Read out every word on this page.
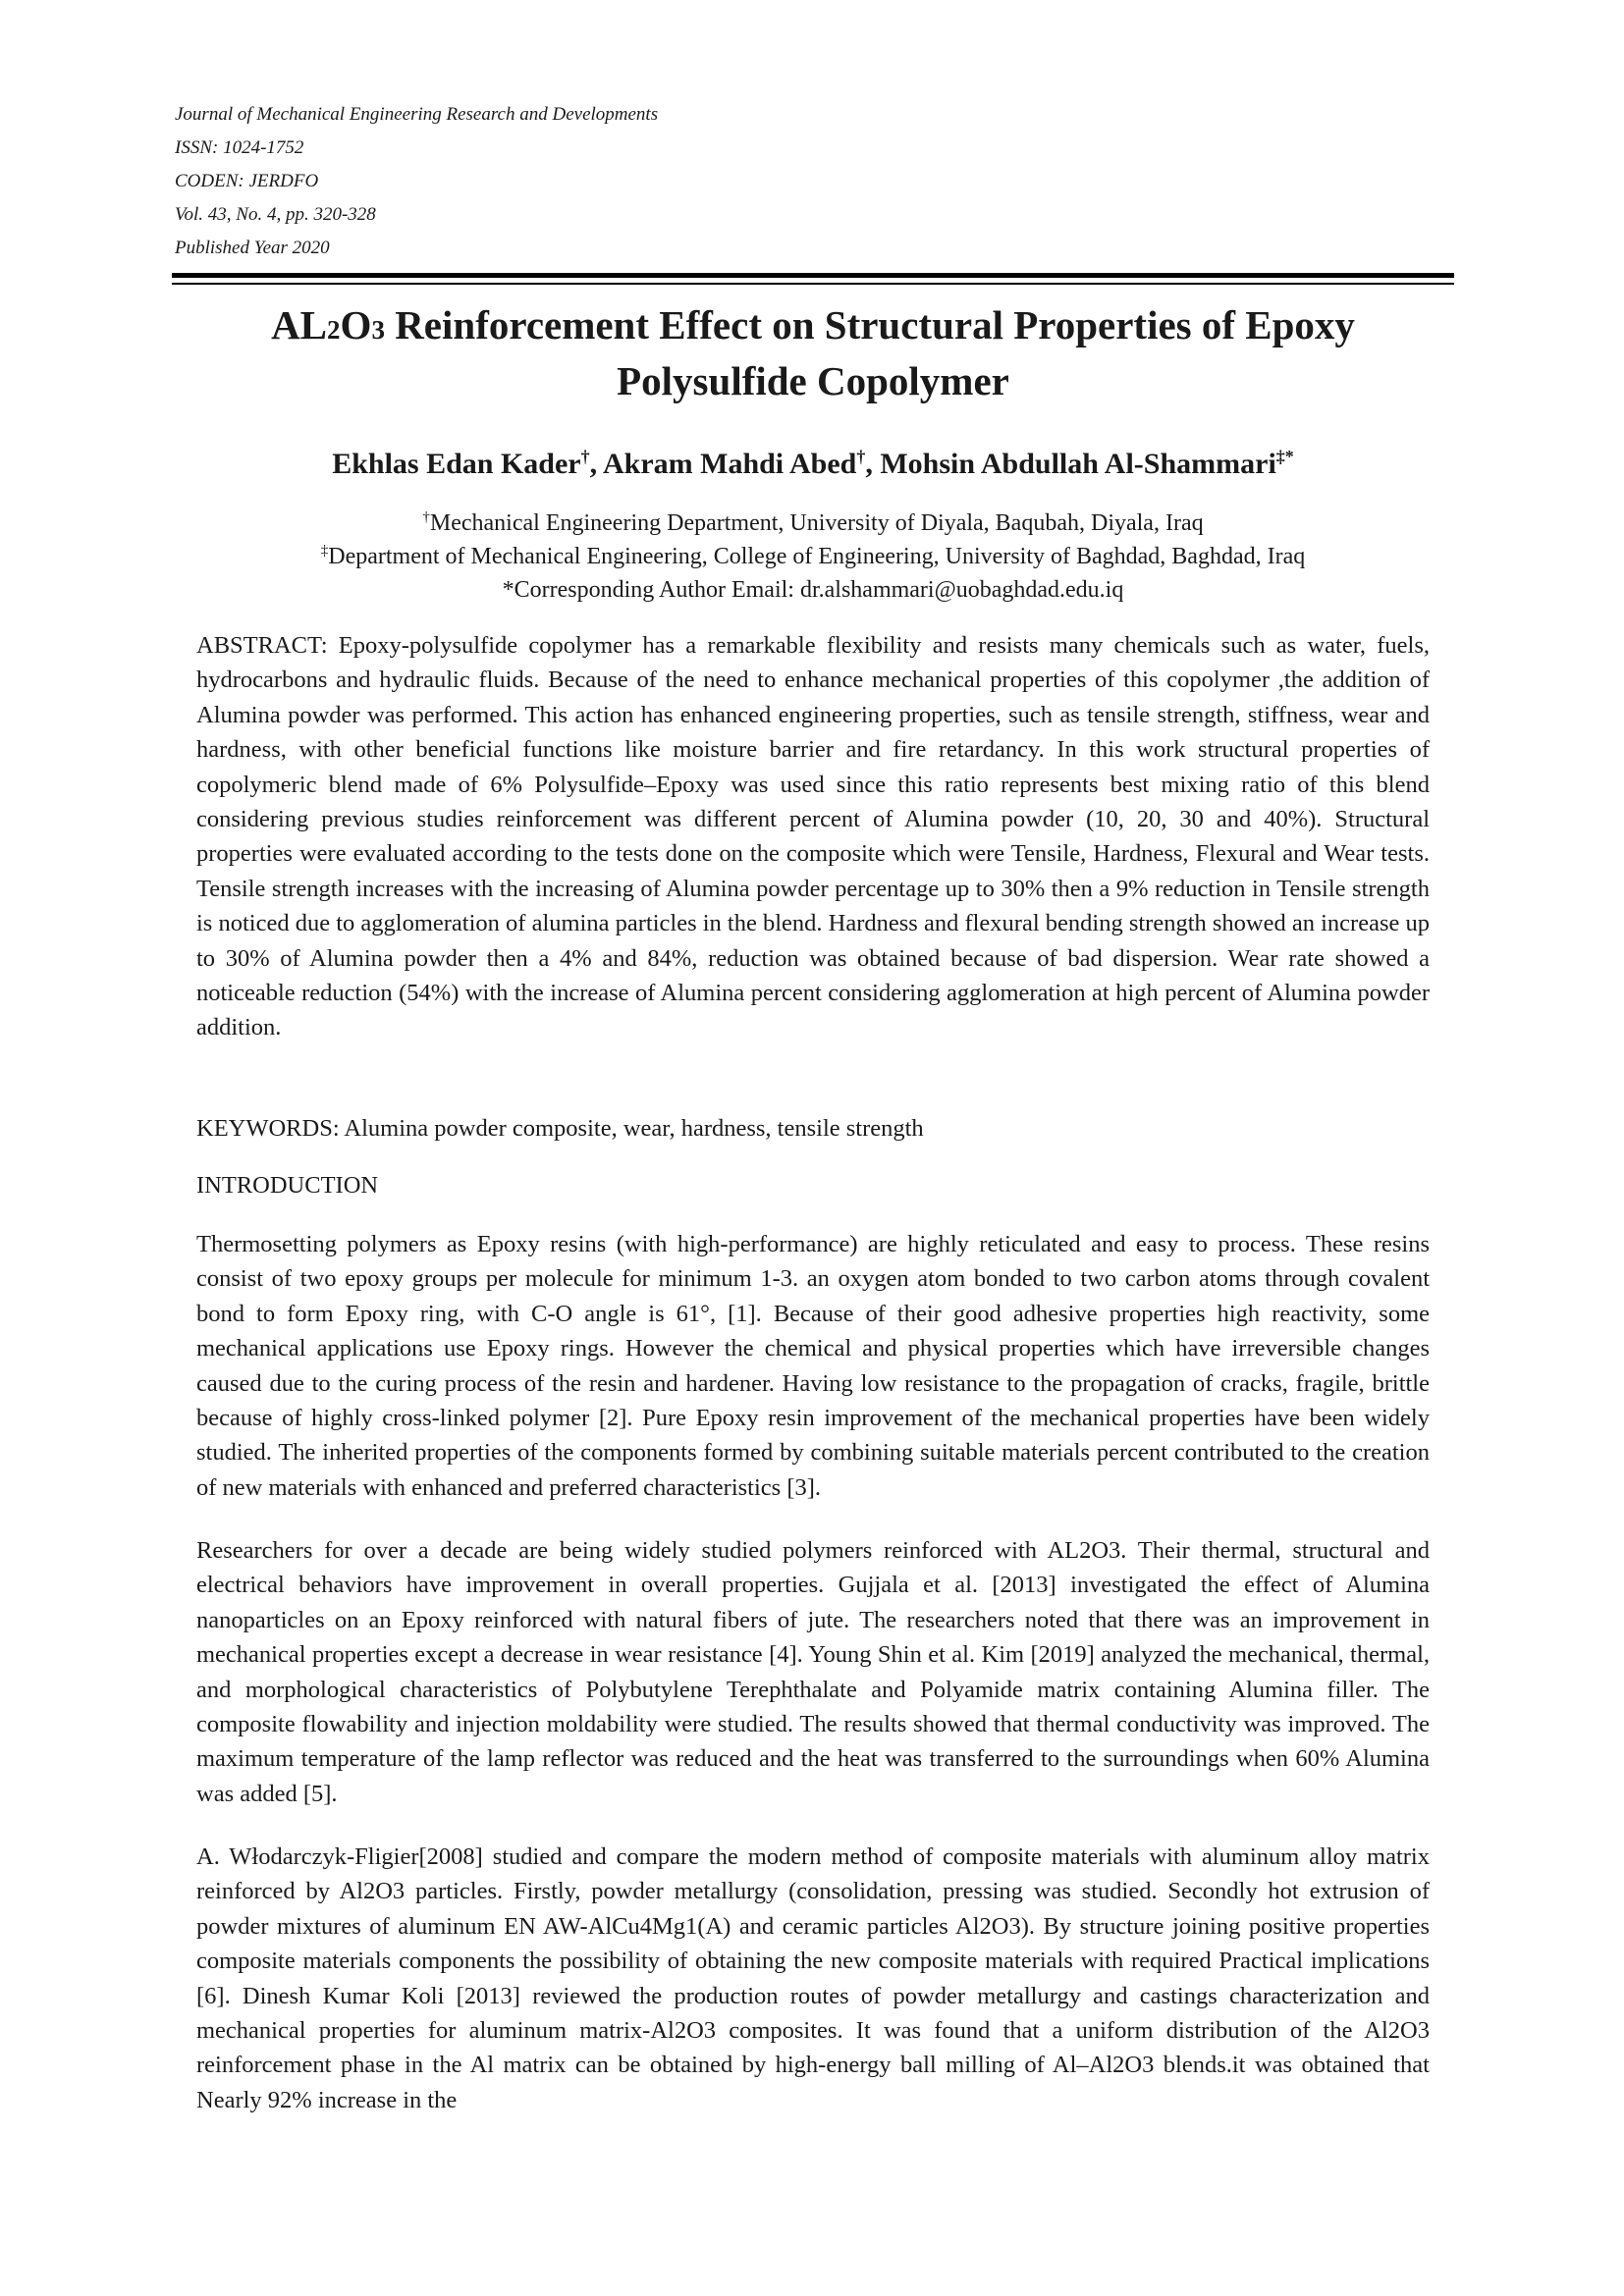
Journal of Mechanical Engineering Research and Developments
ISSN: 1024-1752
CODEN: JERDFO
Vol. 43, No. 4, pp. 320-328
Published Year 2020
AL2O3 Reinforcement Effect on Structural Properties of Epoxy Polysulfide Copolymer
Ekhlas Edan Kader†, Akram Mahdi Abed†, Mohsin Abdullah Al-Shammari‡*
†Mechanical Engineering Department, University of Diyala, Baqubah, Diyala, Iraq
‡Department of Mechanical Engineering, College of Engineering, University of Baghdad, Baghdad, Iraq
*Corresponding Author Email: dr.alshammari@uobaghdad.edu.iq
ABSTRACT: Epoxy-polysulfide copolymer has a remarkable flexibility and resists many chemicals such as water, fuels, hydrocarbons and hydraulic fluids. Because of the need to enhance mechanical properties of this copolymer ,the addition of Alumina powder was performed. This action has enhanced engineering properties, such as tensile strength, stiffness, wear and hardness, with other beneficial functions like moisture barrier and fire retardancy. In this work structural properties of copolymeric blend made of 6% Polysulfide–Epoxy was used since this ratio represents best mixing ratio of this blend considering previous studies reinforcement was different percent of Alumina powder (10, 20, 30 and 40%). Structural properties were evaluated according to the tests done on the composite which were Tensile, Hardness, Flexural and Wear tests. Tensile strength increases with the increasing of Alumina powder percentage up to 30% then a 9% reduction in Tensile strength is noticed due to agglomeration of alumina particles in the blend. Hardness and flexural bending strength showed an increase up to 30% of Alumina powder then a 4% and 84%, reduction was obtained because of bad dispersion. Wear rate showed a noticeable reduction (54%) with the increase of Alumina percent considering agglomeration at high percent of Alumina powder addition.
KEYWORDS: Alumina powder composite, wear, hardness, tensile strength
INTRODUCTION
Thermosetting polymers as Epoxy resins (with high-performance) are highly reticulated and easy to process. These resins consist of two epoxy groups per molecule for minimum 1-3. an oxygen atom bonded to two carbon atoms through covalent bond to form Epoxy ring, with C-O angle is 61°, [1]. Because of their good adhesive properties high reactivity, some mechanical applications use Epoxy rings. However the chemical and physical properties which have irreversible changes caused due to the curing process of the resin and hardener. Having low resistance to the propagation of cracks, fragile, brittle because of highly cross-linked polymer [2]. Pure Epoxy resin improvement of the mechanical properties have been widely studied. The inherited properties of the components formed by combining suitable materials percent contributed to the creation of new materials with enhanced and preferred characteristics [3].
Researchers for over a decade are being widely studied polymers reinforced with AL2O3. Their thermal, structural and electrical behaviors have improvement in overall properties. Gujjala et al. [2013] investigated the effect of Alumina nanoparticles on an Epoxy reinforced with natural fibers of jute. The researchers noted that there was an improvement in mechanical properties except a decrease in wear resistance [4]. Young Shin et al. Kim [2019] analyzed the mechanical, thermal, and morphological characteristics of Polybutylene Terephthalate and Polyamide matrix containing Alumina filler. The composite flowability and injection moldability were studied. The results showed that thermal conductivity was improved. The maximum temperature of the lamp reflector was reduced and the heat was transferred to the surroundings when 60% Alumina was added [5].
A. Włodarczyk-Fligier[2008] studied and compare the modern method of composite materials with aluminum alloy matrix reinforced by Al2O3 particles. Firstly, powder metallurgy (consolidation, pressing was studied. Secondly hot extrusion of powder mixtures of aluminum EN AW-AlCu4Mg1(A) and ceramic particles Al2O3). By structure joining positive properties composite materials components the possibility of obtaining the new composite materials with required Practical implications [6]. Dinesh Kumar Koli [2013] reviewed the production routes of powder metallurgy and castings characterization and mechanical properties for aluminum matrix-Al2O3 composites. It was found that a uniform distribution of the Al2O3 reinforcement phase in the Al matrix can be obtained by high-energy ball milling of Al–Al2O3 blends.it was obtained that Nearly 92% increase in the
